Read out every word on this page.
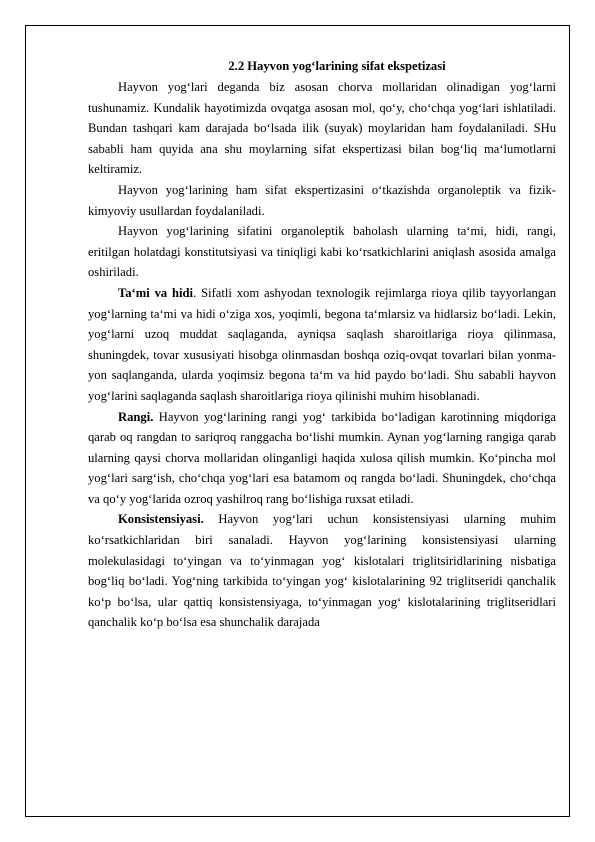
2.2 Hayvon yog‘larining sifat ekspetizasi

Hayvon yog‘lari deganda biz asosan chorva mollaridan olinadigan yog‘larni tushunamiz. Kundalik hayotimizda ovqatga asosan mol, qo‘y, cho‘chqa yog‘lari ishlatiladi. Bundan tashqari kam darajada bo‘lsada ilik (suyak) moylaridan ham foydalaniladi. SHu sababli ham quyida ana shu moylarning sifat ekspertizasi bilan bog‘liq ma‘lumotlarni keltiramiz.

Hayvon yog‘larining ham sifat ekspertizasini o‘tkazishda organoleptik va fizik-kimyoviy usullardan foydalaniladi.

Hayvon yog‘larining sifatini organoleptik baholash ularning ta‘mi, hidi, rangi, eritilgan holatdagi konstitutsiyasi va tiniqligi kabi ko‘rsatkichlarini aniqlash asosida amalga oshiriladi.

Ta‘mi va hidi. Sifatli xom ashyodan texnologik rejimlarga rioya qilib tayyorlangan yog‘larning ta‘mi va hidi o‘ziga xos, yoqimli, begona ta‘mlarsiz va hidlarsiz bo‘ladi. Lekin, yog‘larni uzoq muddat saqlaganda, ayniqsa saqlash sharoitlariga rioya qilinmasa, shuningdek, tovar xususiyati hisobga olinmasdan boshqa oziq-ovqat tovarlari bilan yonma-yon saqlanganda, ularda yoqimsiz begona ta‘m va hid paydo bo‘ladi. Shu sababli hayvon yog‘larini saqlaganda saqlash sharoitlariga rioya qilinishi muhim hisoblanadi.

Rangi. Hayvon yog‘larining rangi yog‘ tarkibida bo‘ladigan karotinning miqdoriga qarab oq rangdan to sariqroq ranggacha bo‘lishi mumkin. Aynan yog‘larning rangiga qarab ularning qaysi chorva mollaridan olinganligi haqida xulosa qilish mumkin. Ko‘pincha mol yog‘lari sarg‘ish, cho‘chqa yog‘lari esa batamom oq rangda bo‘ladi. Shuningdek, cho‘chqa va qo‘y yog‘larida ozroq yashilroq rang bo‘lishiga ruxsat etiladi.

Konsistensiyasi. Hayvon yog‘lari uchun konsistensiyasi ularning muhim ko‘rsatkichlaridan biri sanaladi. Hayvon yog‘larining konsistensiyasi ularning molekulasidagi to‘yingan va to‘yinmagan yog‘ kislotalari triglitsiridlarining nisbatiga bog‘liq bo‘ladi. Yog‘ning tarkibida to‘yingan yog‘ kislotalarining 92 triglitseridi qanchalik ko‘p bo‘lsa, ular qattiq konsistensiyaga, to‘yinmagan yog‘ kislotalarining triglitseridlari qanchalik ko‘p bo‘lsa esa shunchalik darajada
